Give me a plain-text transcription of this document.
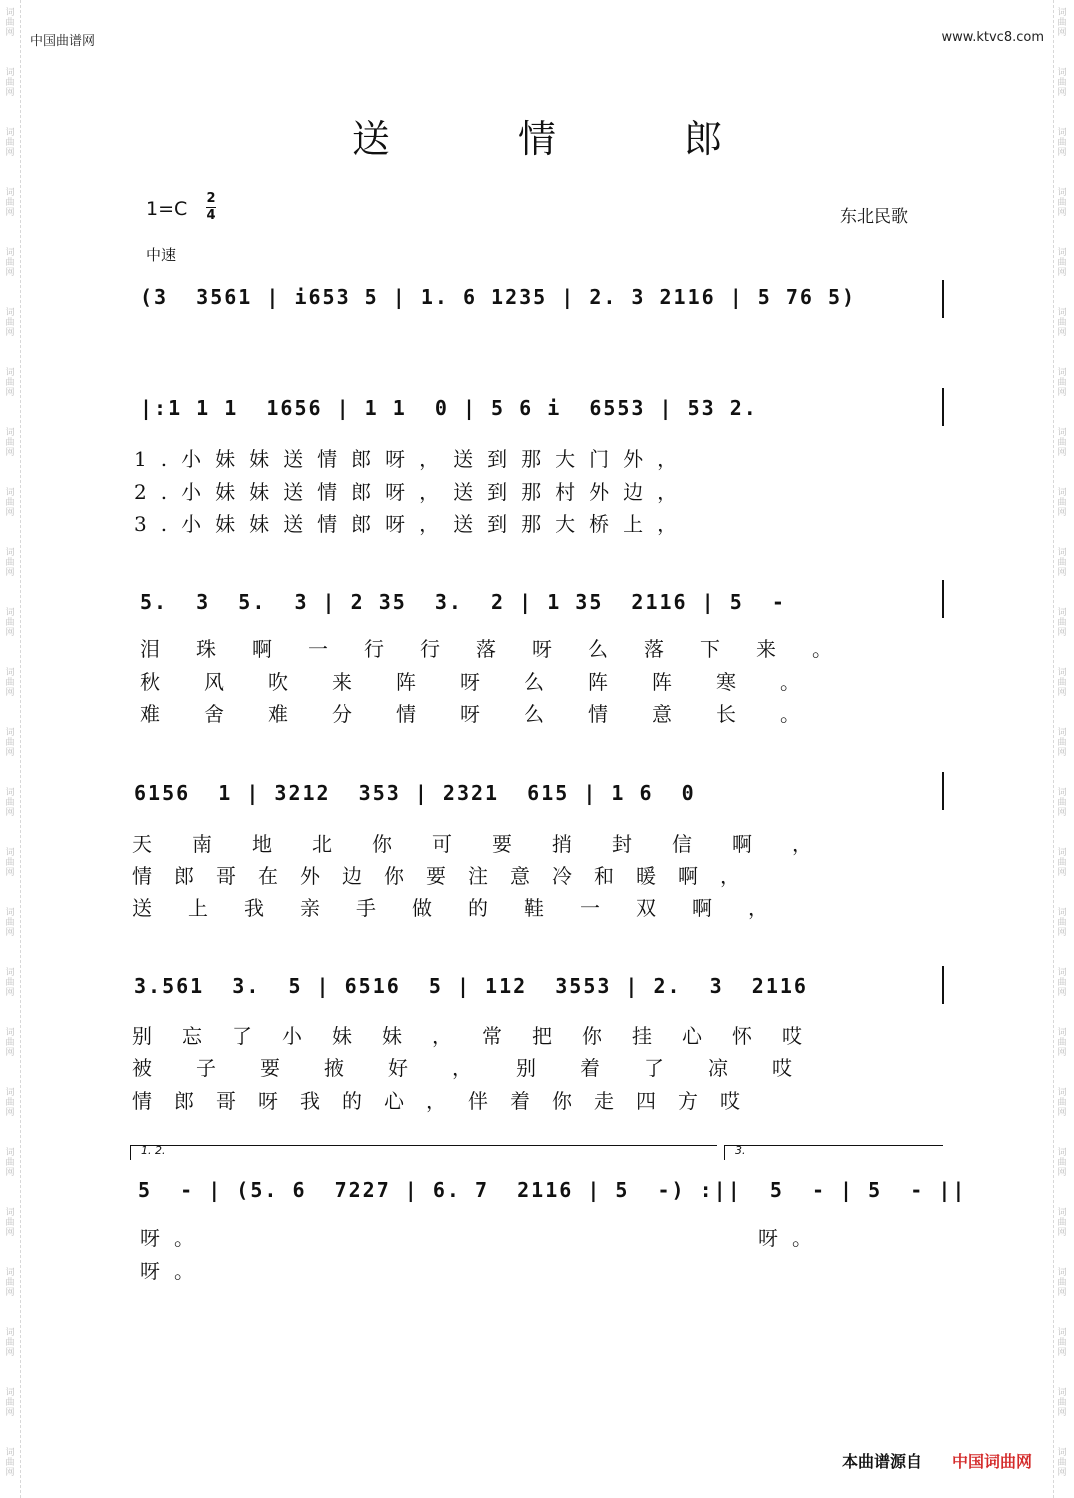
词
曲
网
词
曲
网
词
曲
网
词
曲
网
词
曲
网
词
曲
网
词
曲
网
词
曲
网
词
曲
网
词
曲
网
词
曲
网
词
曲
网
词
曲
网
词
曲
网
词
曲
网
词
曲
网
词
曲
网
词
曲
网
词
曲
网
词
曲
网
词
曲
网
词
曲
网
词
曲
网
词
曲
网
词
曲
网
词
曲
网
词
曲
网
词
曲
网
词
曲
网
词
曲
网
词
曲
网
词
曲
网
词
曲
网
词
曲
网
词
曲
网
词
曲
网
词
曲
网
词
曲
网
词
曲
网
词
曲
网
词
曲
网
词
曲
网
词
曲
网
词
曲
网
词
曲
网
词
曲
网
词
曲
网
词
曲
网
词
曲
网
词
曲
网
中国曲谱网	www.ktvc8.com
送 情 郎
1=C 2
4	东北民歌
中速
(3  3561 | i653 5 | 1. 6 1235 | 2. 3 2116 | 5 76 5)
|:1 1 1  1656 | 1 1  0 | 5 6 i  6553 | 53 2.
1.小妹妹送情郎呀，送到那大门外，
2.小妹妹送情郎呀，送到那村外边，
3.小妹妹送情郎呀，送到那大桥上，
5.  3  5.  3 | 2 35  3.  2 | 1 35  2116 | 5  -
泪珠啊一行行落呀么落下来。
秋风吹来阵呀么阵阵寒。
难舍难分情呀么情意长。
6156  1 | 3212  353 | 2321  615 | 1 6  0
天南地北你可要捎封信啊，
情郎哥在外边你要注意冷和暖啊，
送上我亲手做的鞋一双啊，
3.561  3.  5 | 6516  5 | 112  3553 | 2.  3  2116
别忘了小妹妹，常把你挂心怀哎
被子要掖好，别着了凉哎
情郎哥呀我的心，伴着你走四方哎
1. 2.	3.
5  - | (5. 6  7227 | 6. 7  2116 | 5  -) :||  5  - | 5  - ||
呀。
呀。
呀。
本曲谱源自 中国词曲网
